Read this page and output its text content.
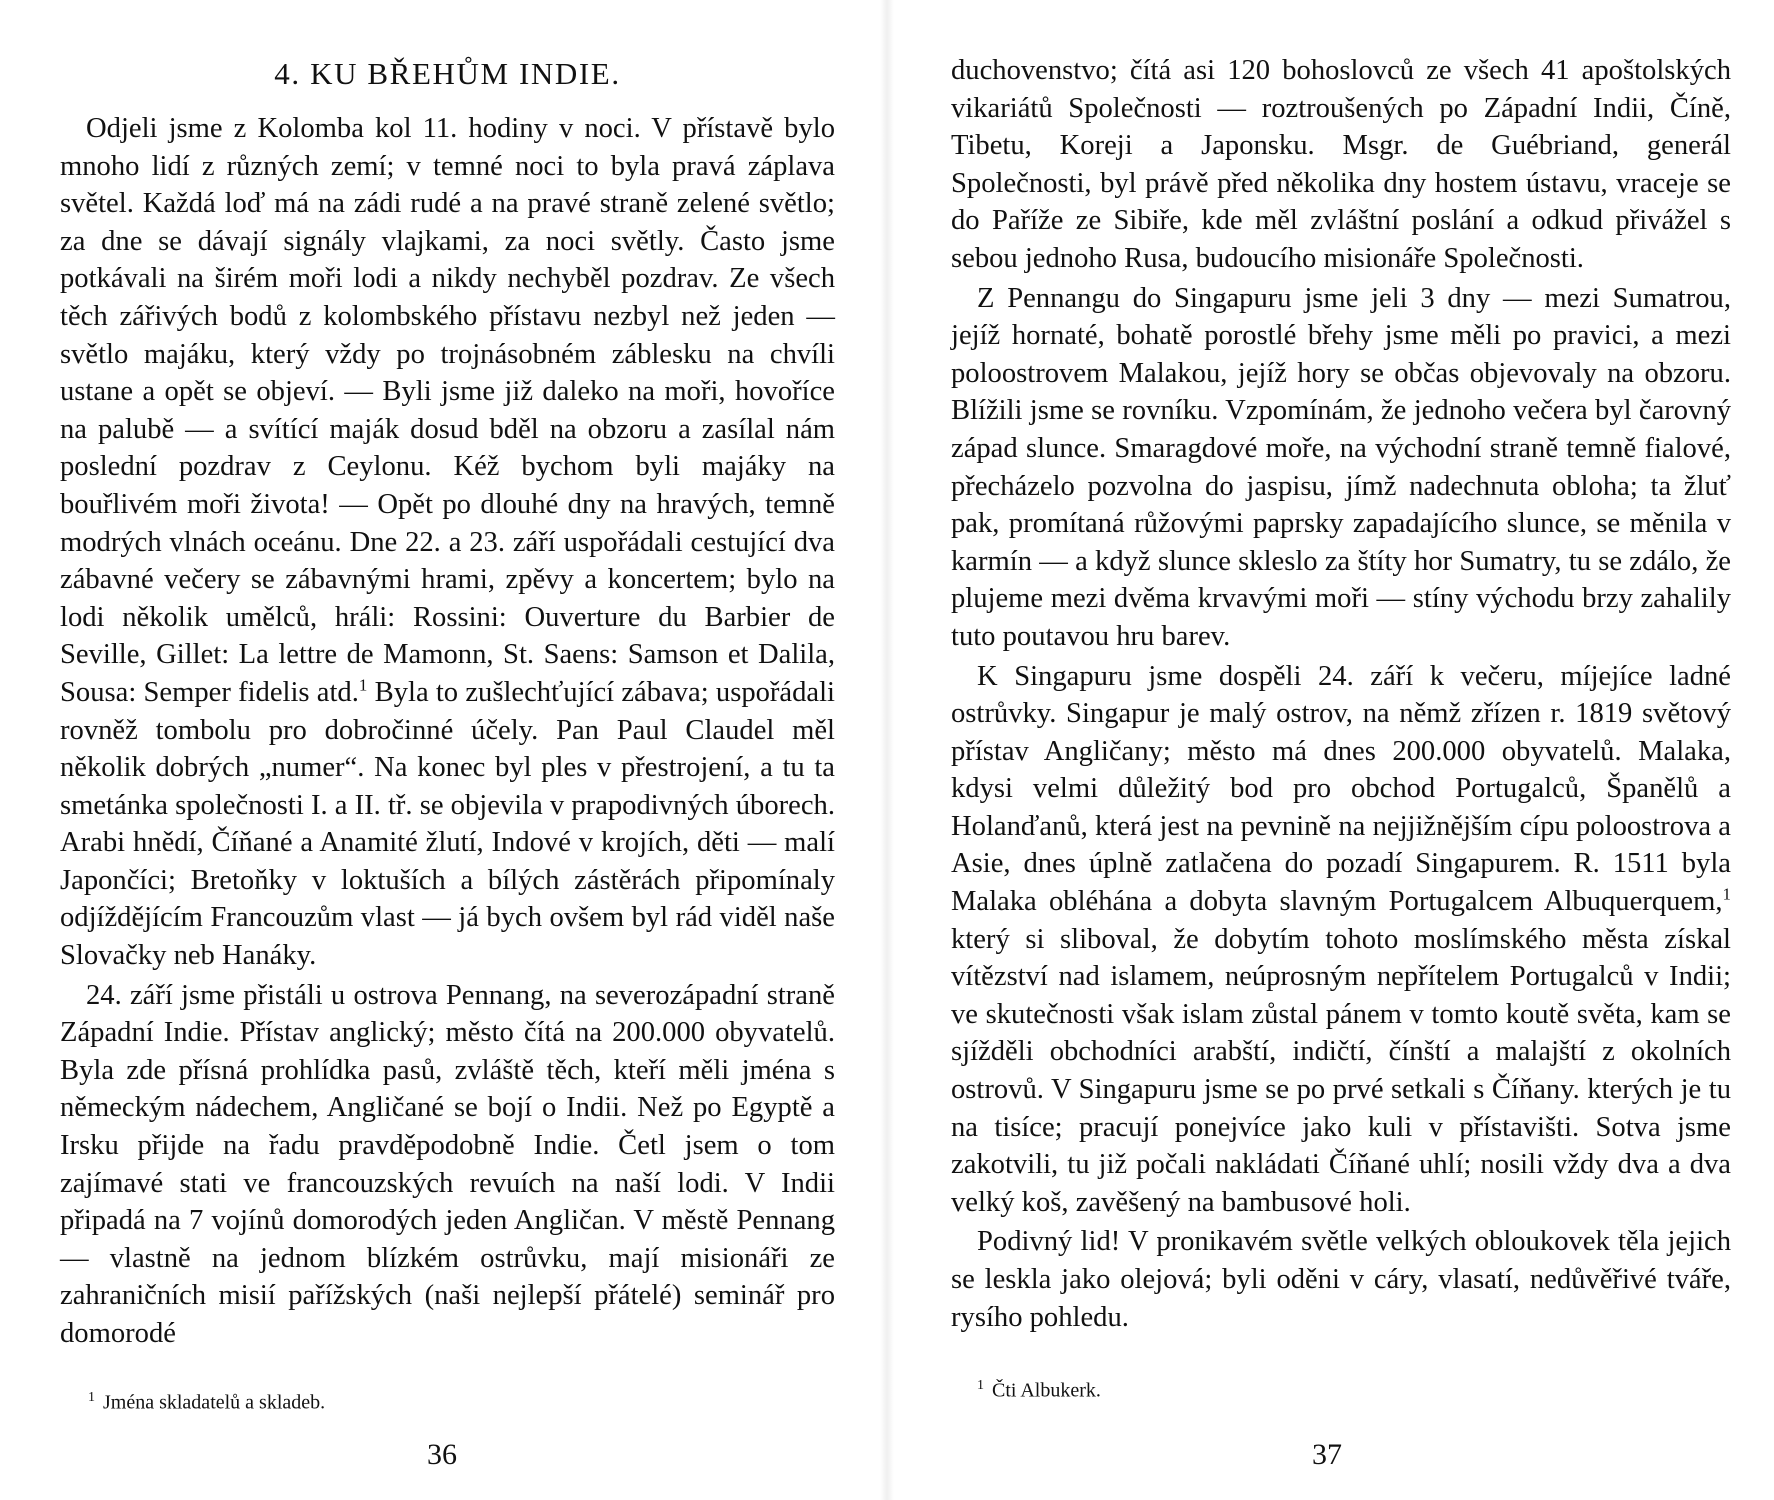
4. KU BŘEHŮM INDIE.

Odjeli jsme z Kolomba kol 11. hodiny v noci. V přístavě bylo mnoho lidí z různých zemí; v temné noci to byla pravá záplava světel. Každá loď má na zádi rudé a na pravé straně zelené světlo; za dne se dávají signály vlajkami, za noci světly. Často jsme potkávali na širém moři lodi a nikdy nechyběl pozdrav. Ze všech těch zářivých bodů z kolombského přístavu nezbyl než jeden — světlo majáku, který vždy po trojnásobném záblesku na chvíli ustane a opět se objeví. — Byli jsme již daleko na moři, hovoříce na palubě — a svítící maják dosud bděl na obzoru a zasílal nám poslední pozdrav z Ceylonu. Kéž bychom byli majáky na bouřlivém moři života! — Opět po dlouhé dny na hravých, temně modrých vlnách oceánu. Dne 22. a 23. září uspořádali cestující dva zábavné večery se zábavnými hrami, zpěvy a koncertem; bylo na lodi několik umělců, hráli: Rossini: Ouverture du Barbier de Seville, Gillet: La lettre de Mamonn, St. Saens: Samson et Dalila, Sousa: Semper fidelis atd.$^1$ Byla to zušlechťující zábava; uspořádali rovněž tombolu pro dobročinné účely. Pan Paul Claudel měl několik dobrých „numer“. Na konec byl ples v přestrojení, a tu ta smetánka společnosti I. a II. tř. se objevila v prapodivných úborech. Arabi hnědí, Číňané a Anamité žlutí, Indové v krojích, děti — malí Japončíci; Bretoňky v loktuších a bílých zástěrách připomínaly odjíždějícím Francouzům vlast — já bych ovšem byl rád viděl naše Slovačky neb Hanáky.

24. září jsme přistáli u ostrova Pennang, na severozápadní straně Západní Indie. Přístav anglický; město čítá na 200.000 obyvatelů. Byla zde přísná prohlídka pasů, zvláště těch, kteří měli jména s německým nádechem, Angličané se bojí o Indii. Než po Egyptě a Irsku přijde na řadu pravděpodobně Indie. Četl jsem o tom zajímavé stati ve francouzských revuích na naší lodi. V Indii připadá na 7 vojínů domorodých jeden Angličan. V městě Pennang — vlastně na jednom blízkém ostrůvku, mají misionáři ze zahraničních misií pařížských (naši nejlepší přátelé) seminář pro domorodé

$^1$ Jména skladatelů a skladeb.
36

duchovenstvo; čítá asi 120 bohoslovců ze všech 41 apoštolských vikariátů Společnosti — roztroušených po Západní Indii, Číně, Tibetu, Koreji a Japonsku. Msgr. de Guébriand, generál Společnosti, byl právě před několika dny hostem ústavu, vraceje se do Paříže ze Sibiře, kde měl zvláštní poslání a odkud přivážel s sebou jednoho Rusa, budoucího misionáře Společnosti.

Z Pennangu do Singapuru jsme jeli 3 dny — mezi Sumatrou, jejíž hornaté, bohatě porostlé břehy jsme měli po pravici, a mezi poloostrovem Malakou, jejíž hory se občas objevovaly na obzoru. Blížili jsme se rovníku. Vzpomínám, že jednoho večera byl čarovný západ slunce. Smaragdové moře, na východní straně temně fialové, přecházelo pozvolna do jaspisu, jímž nadechnuta obloha; ta žluť pak, promítaná růžovými paprsky zapadajícího slunce, se měnila v karmín — a když slunce skleslo za štíty hor Sumatry, tu se zdálo, že plujeme mezi dvěma krvavými moři — stíny východu brzy zahalily tuto poutavou hru barev.

K Singapuru jsme dospěli 24. září k večeru, míjejíce ladné ostrůvky. Singapur je malý ostrov, na němž zřízen r. 1819 světový přístav Angličany; město má dnes 200.000 obyvatelů. Malaka, kdysi velmi důležitý bod pro obchod Portugalců, Španělů a Holanďanů, která jest na pevnině na nejjižnějším cípu poloostrova a Asie, dnes úplně zatlačena do pozadí Singapurem. R. 1511 byla Malaka obléhána a dobyta slavným Portugalcem Albuquerquem,$^1$ který si sliboval, že dobytím tohoto moslímského města získal vítězství nad islamem, neúprosným nepřítelem Portugalců v Indii; ve skutečnosti však islam zůstal pánem v tomto koutě světa, kam se sjížděli obchodníci arabští, indičtí, čínští a malajští z okolních ostrovů. V Singapuru jsme se po prvé setkali s Číňany. kterých je tu na tisíce; pracují ponejvíce jako kuli v přístavišti. Sotva jsme zakotvili, tu již počali nakládati Číňané uhlí; nosili vždy dva a dva velký koš, zavěšený na bambusové holi.

Podivný lid! V pronikavém světle velkých obloukovek těla jejich se leskla jako olejová; byli oděni v cáry, vlasatí, nedůvěřivé tváře, rysího pohledu.

$^1$ Čti Albukerk.
37
